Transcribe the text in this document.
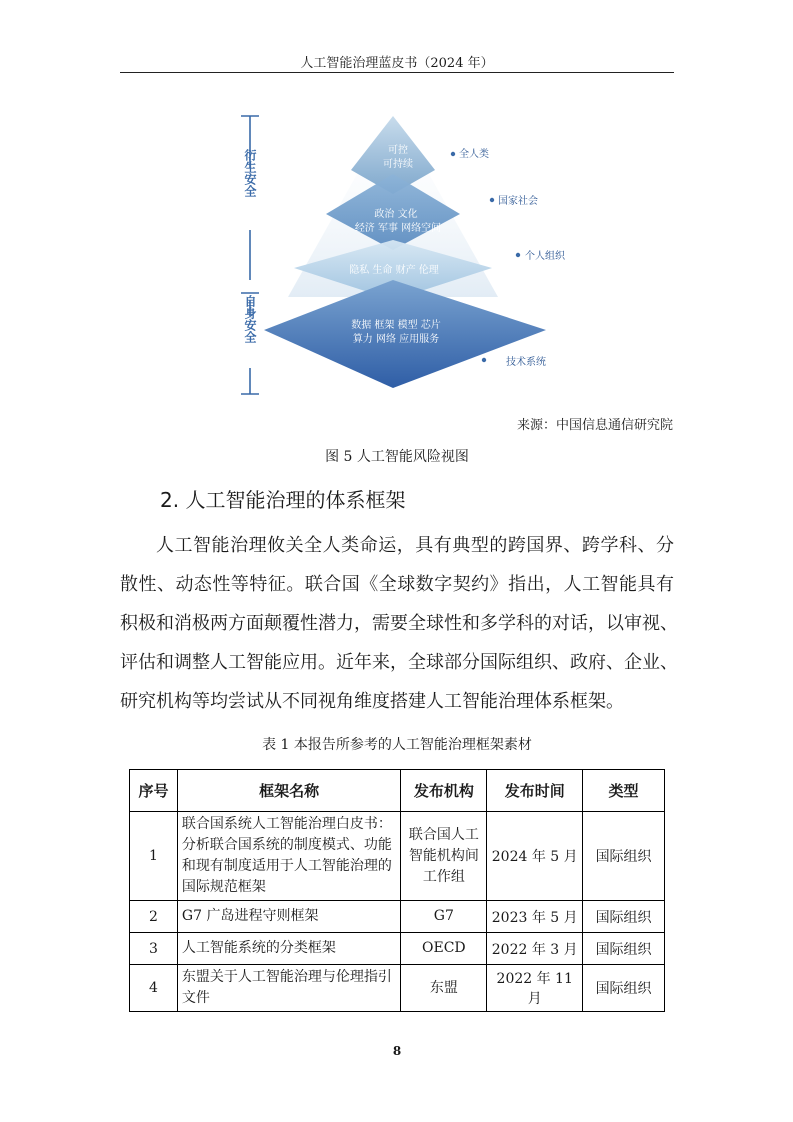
人工智能治理蓝皮书（2024 年）
衍生安全
自身安全
可控
可持续
政治 文化
经济 军事 网络空间
隐私 生命 财产 伦理
数据 框架 模型 芯片
算力 网络 应用服务
全人类
国家社会
个人组织
技术系统
来源：中国信息通信研究院
图 5 人工智能风险视图
2. 人工智能治理的体系框架
人工智能治理攸关全人类命运，具有典型的跨国界、跨学科、分
散性、动态性等特征。联合国《全球数字契约》指出，人工智能具有
积极和消极两方面颠覆性潜力，需要全球性和多学科的对话，以审视、
评估和调整人工智能应用。近年来，全球部分国际组织、政府、企业、
研究机构等均尝试从不同视角维度搭建人工智能治理体系框架。
表 1 本报告所参考的人工智能治理框架素材
序号	框架名称	发布机构	发布时间	类型
1	联合国系统人工智能治理白皮书：分析联合国系统的制度模式、功能和现有制度适用于人工智能治理的国际规范框架	联合国人工智能机构间工作组	2024 年 5 月	国际组织
2	G7 广岛进程守则框架	G7	2023 年 5 月	国际组织
3	人工智能系统的分类框架	OECD	2022 年 3 月	国际组织
4	东盟关于人工智能治理与伦理指引文件	东盟	2022 年 11 月	国际组织
8
